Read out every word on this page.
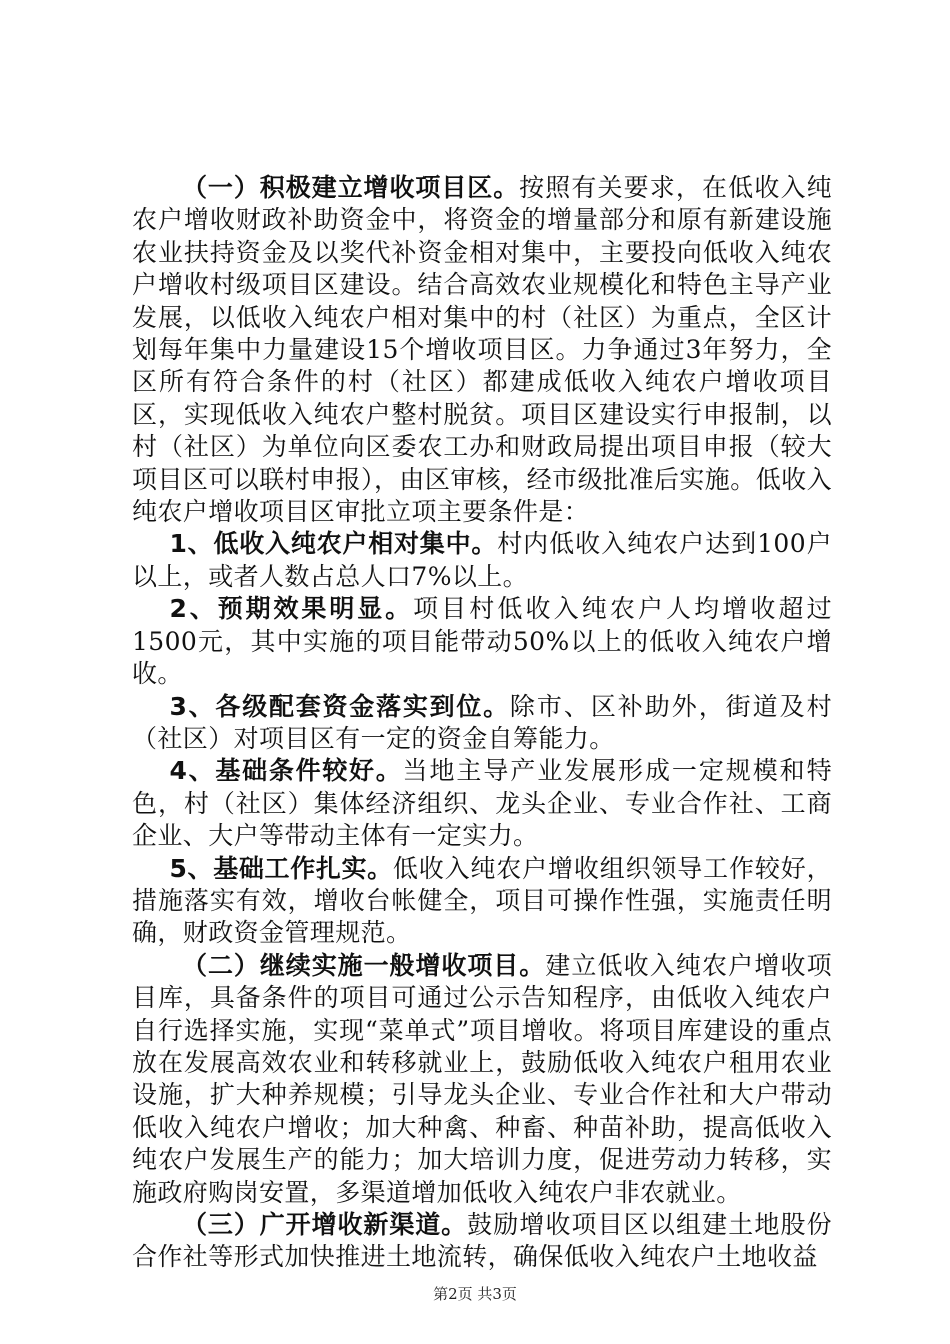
（一）积极建立增收项目区。按照有关要求，在低收入纯农户增收财政补助资金中，将资金的增量部分和原有新建设施农业扶持资金及以奖代补资金相对集中，主要投向低收入纯农户增收村级项目区建设。结合高效农业规模化和特色主导产业发展，以低收入纯农户相对集中的村（社区）为重点，全区计划每年集中力量建设15个增收项目区。力争通过3年努力，全区所有符合条件的村（社区）都建成低收入纯农户增收项目区，实现低收入纯农户整村脱贫。项目区建设实行申报制，以村（社区）为单位向区委农工办和财政局提出项目申报（较大项目区可以联村申报），由区审核，经市级批准后实施。低收入纯农户增收项目区审批立项主要条件是：

1、低收入纯农户相对集中。村内低收入纯农户达到100户以上，或者人数占总人口7%以上。

2、预期效果明显。项目村低收入纯农户人均增收超过1500元，其中实施的项目能带动50%以上的低收入纯农户增收。

3、各级配套资金落实到位。除市、区补助外，街道及村（社区）对项目区有一定的资金自筹能力。

4、基础条件较好。当地主导产业发展形成一定规模和特色，村（社区）集体经济组织、龙头企业、专业合作社、工商企业、大户等带动主体有一定实力。

5、基础工作扎实。低收入纯农户增收组织领导工作较好，措施落实有效，增收台帐健全，项目可操作性强，实施责任明确，财政资金管理规范。

（二）继续实施一般增收项目。建立低收入纯农户增收项目库，具备条件的项目可通过公示告知程序，由低收入纯农户自行选择实施，实现“菜单式”项目增收。将项目库建设的重点放在发展高效农业和转移就业上，鼓励低收入纯农户租用农业设施，扩大种养规模；引导龙头企业、专业合作社和大户带动低收入纯农户增收；加大种禽、种畜、种苗补助，提高低收入纯农户发展生产的能力；加大培训力度，促进劳动力转移，实施政府购岗安置，多渠道增加低收入纯农户非农就业。

（三）广开增收新渠道。鼓励增收项目区以组建土地股份合作社等形式加快推进土地流转，确保低收入纯农户土地收益

第2页 共3页
